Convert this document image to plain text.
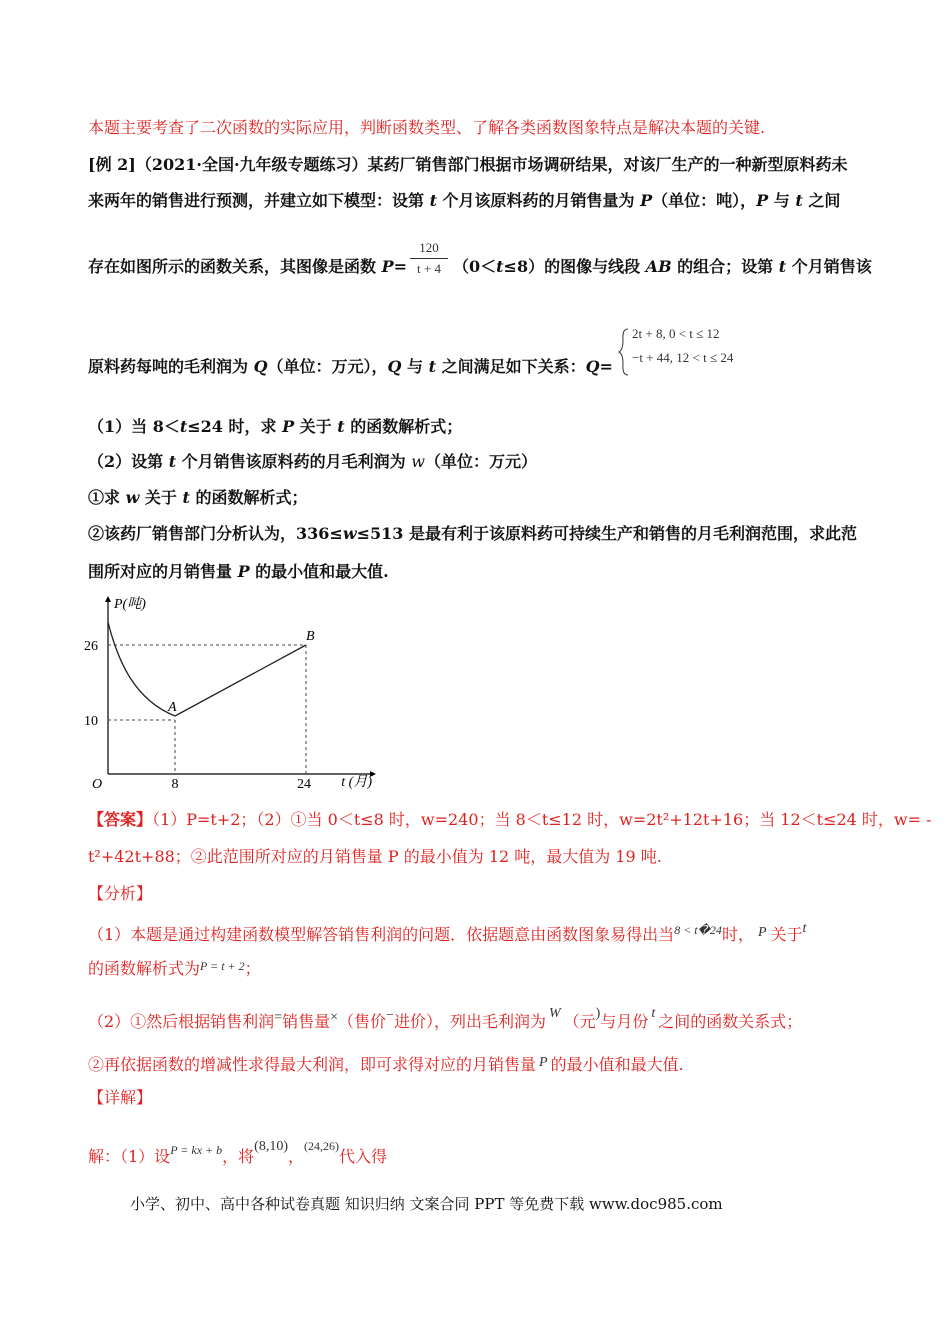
本题主要考查了二次函数的实际应用，判断函数类型、了解各类函数图象特点是解决本题的关键.
[例 2]（2021·全国·九年级专题练习）某药厂销售部门根据市场调研结果，对该厂生产的一种新型原料药未
来两年的销售进行预测，并建立如下模型：设第 t 个月该原料药的月销售量为 P（单位：吨），P 与 t 之间
存在如图所示的函数关系，其图像是函数 P=	（0＜t≤8）的图像与线段 AB 的组合；设第 t 个月销售该
120
t + 4
原料药每吨的毛利润为 Q（单位：万元），Q 与 t 之间满足如下关系：Q=
2t + 8, 0 < t ≤ 12
−t + 44, 12 < t ≤ 24
（1）当 8＜t≤24 时，求 P 关于 t 的函数解析式；
（2）设第 t 个月销售该原料药的月毛利润为 w（单位：万元）
①求 w 关于 t 的函数解析式；
②该药厂销售部门分析认为，336≤w≤513 是最有利于该原料药可持续生产和销售的月毛利润范围，求此范
围所对应的月销售量 P 的最小值和最大值.
P(吨)
t (月)
O
26
10
8	24
A
B
【答案】（1）P=t+2；（2）①当 0＜t≤8 时，w=240；当 8＜t≤12 时，w=2t²+12t+16；当 12＜t≤24 时，w= -
t²+42t+88；②此范围所对应的月销售量 P 的最小值为 12 吨，最大值为 19 吨.
【分析】
（1）本题是通过构建函数模型解答销售利润的问题．依据题意由函数图象易得出当$^{8 < t�24}$时， P 关于t
的函数解析式为$^{P = t + 2}$；
（2）①然后根据销售利润=销售量×（售价−进价），列出毛利润为 W （元)与月份 t 之间的函数关系式；
②再依据函数的增减性求得最大利润，即可求得对应的月销售量 P 的最小值和最大值.
【详解】
解：（1）设$^{P = kx + b}$，将(8,10)，$^{(24,26)}$代入得
小学、初中、高中各种试卷真题 知识归纳 文案合同 PPT 等免费下载 www.doc985.com
